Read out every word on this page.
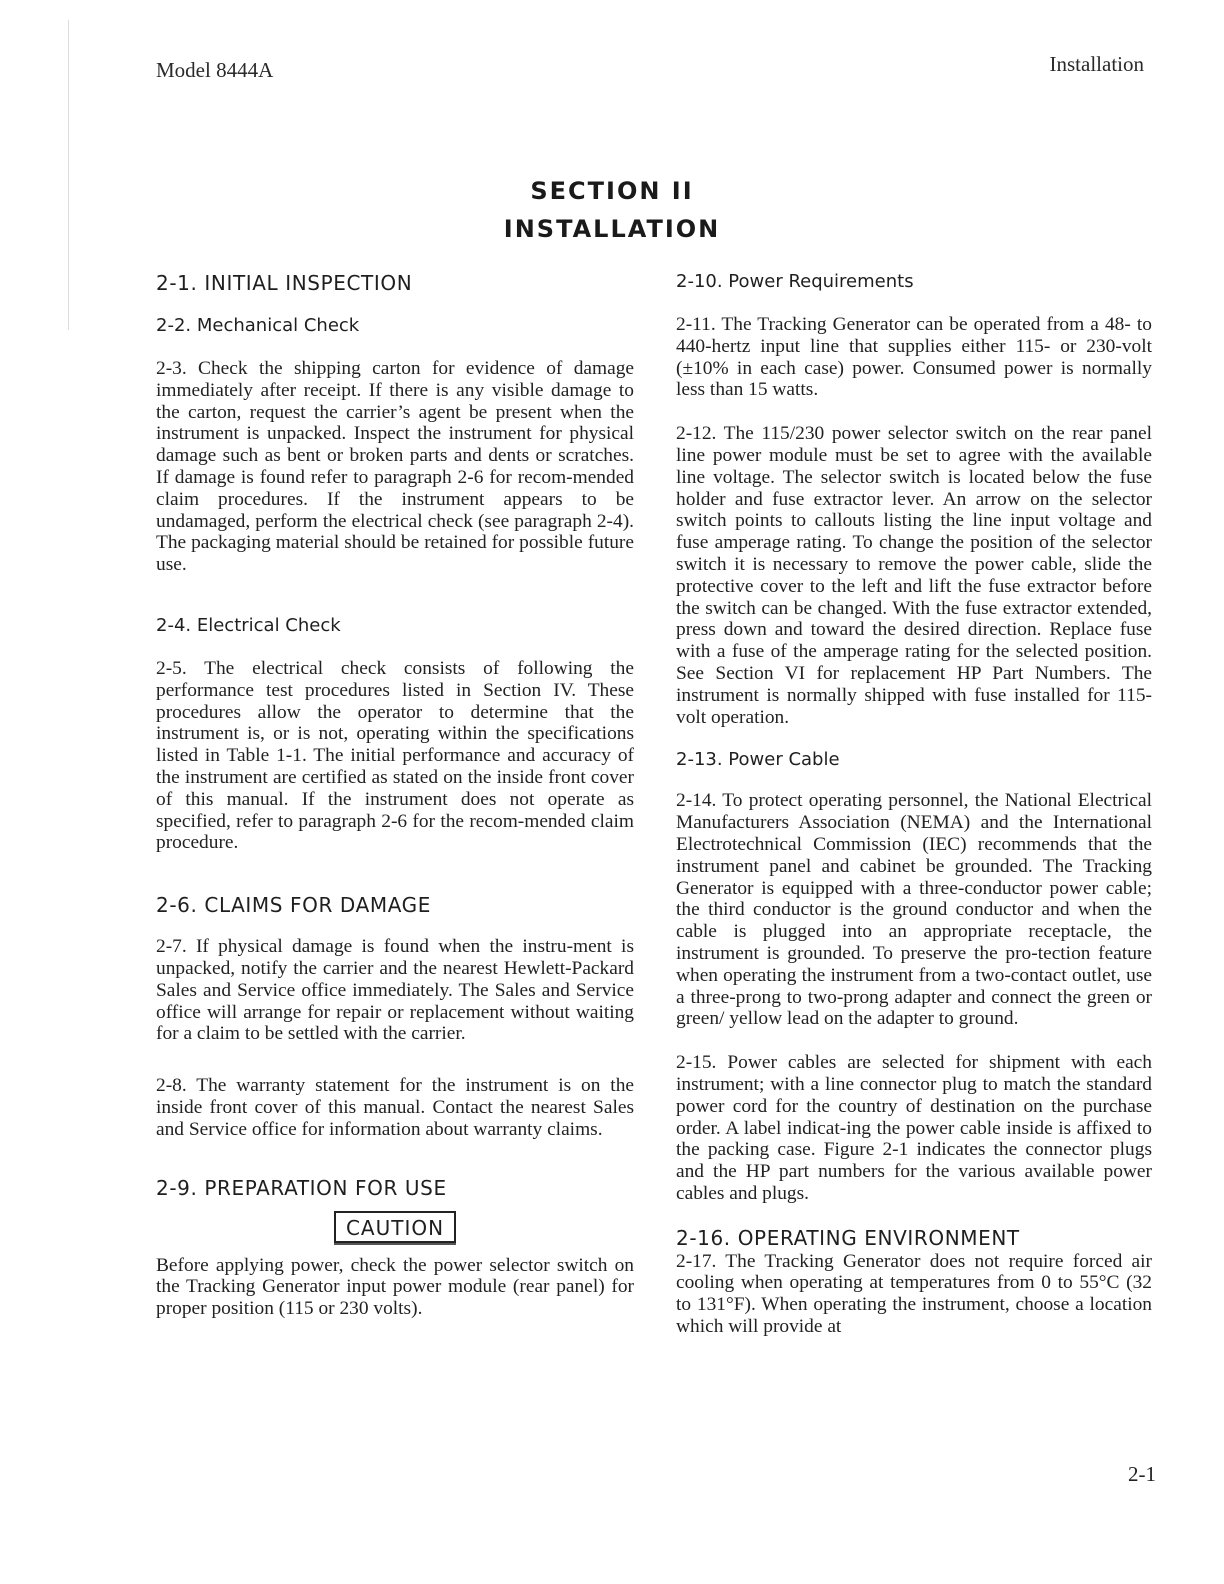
Model 8444A	Installation
SECTION II
INSTALLATION
2-1. INITIAL INSPECTION
2-2. Mechanical Check

2-3. Check the shipping carton for evidence of damage immediately after receipt. If there is any visible damage to the carton, request the carrier’s agent be present when the instrument is unpacked. Inspect the instrument for physical damage such as bent or broken parts and dents or scratches. If damage is found refer to paragraph 2-6 for recom-mended claim procedures. If the instrument appears to be undamaged, perform the electrical check (see paragraph 2-4). The packaging material should be retained for possible future use.

2-4. Electrical Check

2-5. The electrical check consists of following the performance test procedures listed in Section IV. These procedures allow the operator to determine that the instrument is, or is not, operating within the specifications listed in Table 1-1. The initial performance and accuracy of the instrument are certified as stated on the inside front cover of this manual. If the instrument does not operate as specified, refer to paragraph 2-6 for the recom-mended claim procedure.

2-6. CLAIMS FOR DAMAGE

2-7. If physical damage is found when the instru-ment is unpacked, notify the carrier and the nearest Hewlett-Packard Sales and Service office immediately. The Sales and Service office will arrange for repair or replacement without waiting for a claim to be settled with the carrier.

2-8. The warranty statement for the instrument is on the inside front cover of this manual. Contact the nearest Sales and Service office for information about warranty claims.

2-9. PREPARATION FOR USE
CAUTION

Before applying power, check the power selector switch on the Tracking Generator input power module (rear panel) for proper position (115 or 230 volts).

2-10. Power Requirements

2-11. The Tracking Generator can be operated from a 48- to 440-hertz input line that supplies either 115- or 230-volt (±10% in each case) power. Consumed power is normally less than 15 watts.

2-12. The 115/230 power selector switch on the rear panel line power module must be set to agree with the available line voltage. The selector switch is located below the fuse holder and fuse extractor lever. An arrow on the selector switch points to callouts listing the line input voltage and fuse amperage rating. To change the position of the selector switch it is necessary to remove the power cable, slide the protective cover to the left and lift the fuse extractor before the switch can be changed. With the fuse extractor extended, press down and toward the desired direction. Replace fuse with a fuse of the amperage rating for the selected position. See Section VI for replacement HP Part Numbers. The instrument is normally shipped with fuse installed for 115-volt operation.

2-13. Power Cable

2-14. To protect operating personnel, the National Electrical Manufacturers Association (NEMA) and the International Electrotechnical Commission (IEC) recommends that the instrument panel and cabinet be grounded. The Tracking Generator is equipped with a three-conductor power cable; the third conductor is the ground conductor and when the cable is plugged into an appropriate receptacle, the instrument is grounded. To preserve the pro-tection feature when operating the instrument from a two-contact outlet, use a three-prong to two-prong adapter and connect the green or green/ yellow lead on the adapter to ground.

2-15. Power cables are selected for shipment with each instrument; with a line connector plug to match the standard power cord for the country of destination on the purchase order. A label indicat-ing the power cable inside is affixed to the packing case. Figure 2-1 indicates the connector plugs and the HP part numbers for the various available power cables and plugs.

2-16. OPERATING ENVIRONMENT

2-17. The Tracking Generator does not require forced air cooling when operating at temperatures from 0 to 55°C (32 to 131°F). When operating the instrument, choose a location which will provide at

2-1
